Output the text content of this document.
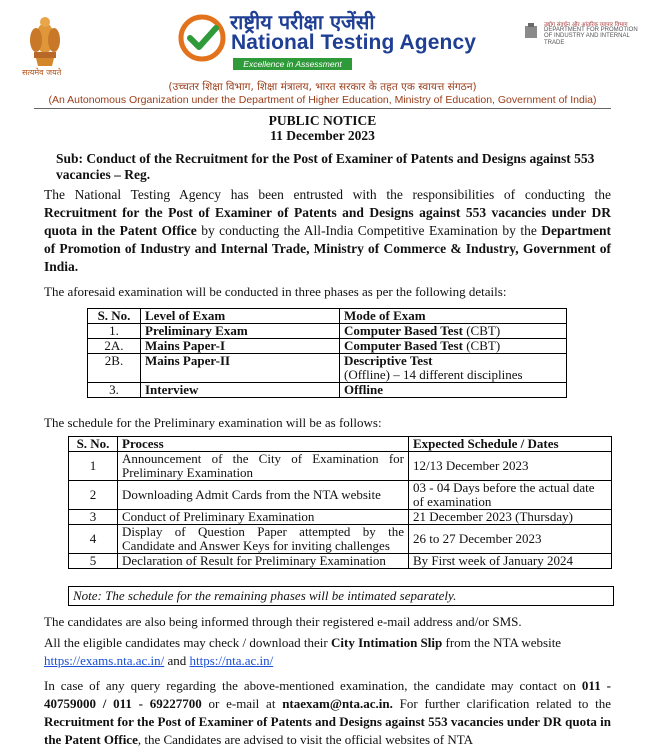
सत्यमेव जयते
राष्ट्रीय परीक्षा एजेंसी
National Testing Agency
Excellence in Assessment
उद्योग संवर्धन और आंतरिक व्यापार विभाग
DEPARTMENT FOR PROMOTION OF INDUSTRY AND INTERNAL TRADE
(उच्चतर शिक्षा विभाग, शिक्षा मंत्रालय, भारत सरकार के तहत एक स्वायत्त संगठन)
(An Autonomous Organization under the Department of Higher Education, Ministry of Education, Government of India)
PUBLIC NOTICE
11 December 2023
Sub: Conduct of the Recruitment for the Post of Examiner of Patents and Designs against 553 vacancies – Reg.

The National Testing Agency has been entrusted with the responsibilities of conducting the Recruitment for the Post of Examiner of Patents and Designs against 553 vacancies under DR quota in the Patent Office by conducting the All-India Competitive Examination by the Department of Promotion of Industry and Internal Trade, Ministry of Commerce & Industry, Government of India.

The aforesaid examination will be conducted in three phases as per the following details:

S. No.	Level of Exam	Mode of Exam
1.	Preliminary Exam	Computer Based Test (CBT)
2A.	Mains Paper-I	Computer Based Test (CBT)
2B.	Mains Paper-II	Descriptive Test
(Offline) – 14 different disciplines
3.	Interview	Offline

The schedule for the Preliminary examination will be as follows:

S. No.	Process	Expected Schedule / Dates
1	Announcement of the City of Examination for Preliminary Examination	12/13 December 2023
2	Downloading Admit Cards from the NTA website	03 - 04 Days before the actual date of examination
3	Conduct of Preliminary Examination	21 December 2023 (Thursday)
4	Display of Question Paper attempted by the Candidate and Answer Keys for inviting challenges	26 to 27 December 2023
5	Declaration of Result for Preliminary Examination	By First week of January 2024
Note: The schedule for the remaining phases will be intimated separately.

The candidates are also being informed through their registered e-mail address and/or SMS.

All the eligible candidates may check / download their City Intimation Slip from the NTA website
https://exams.nta.ac.in/ and https://nta.ac.in/

In case of any query regarding the above-mentioned examination, the candidate may contact on 011 - 40759000 / 011 - 69227700 or e-mail at ntaexam@nta.ac.in. For further clarification related to the Recruitment for the Post of Examiner of Patents and Designs against 553 vacancies under DR quota in the Patent Office, the Candidates are advised to visit the official websites of NTA
